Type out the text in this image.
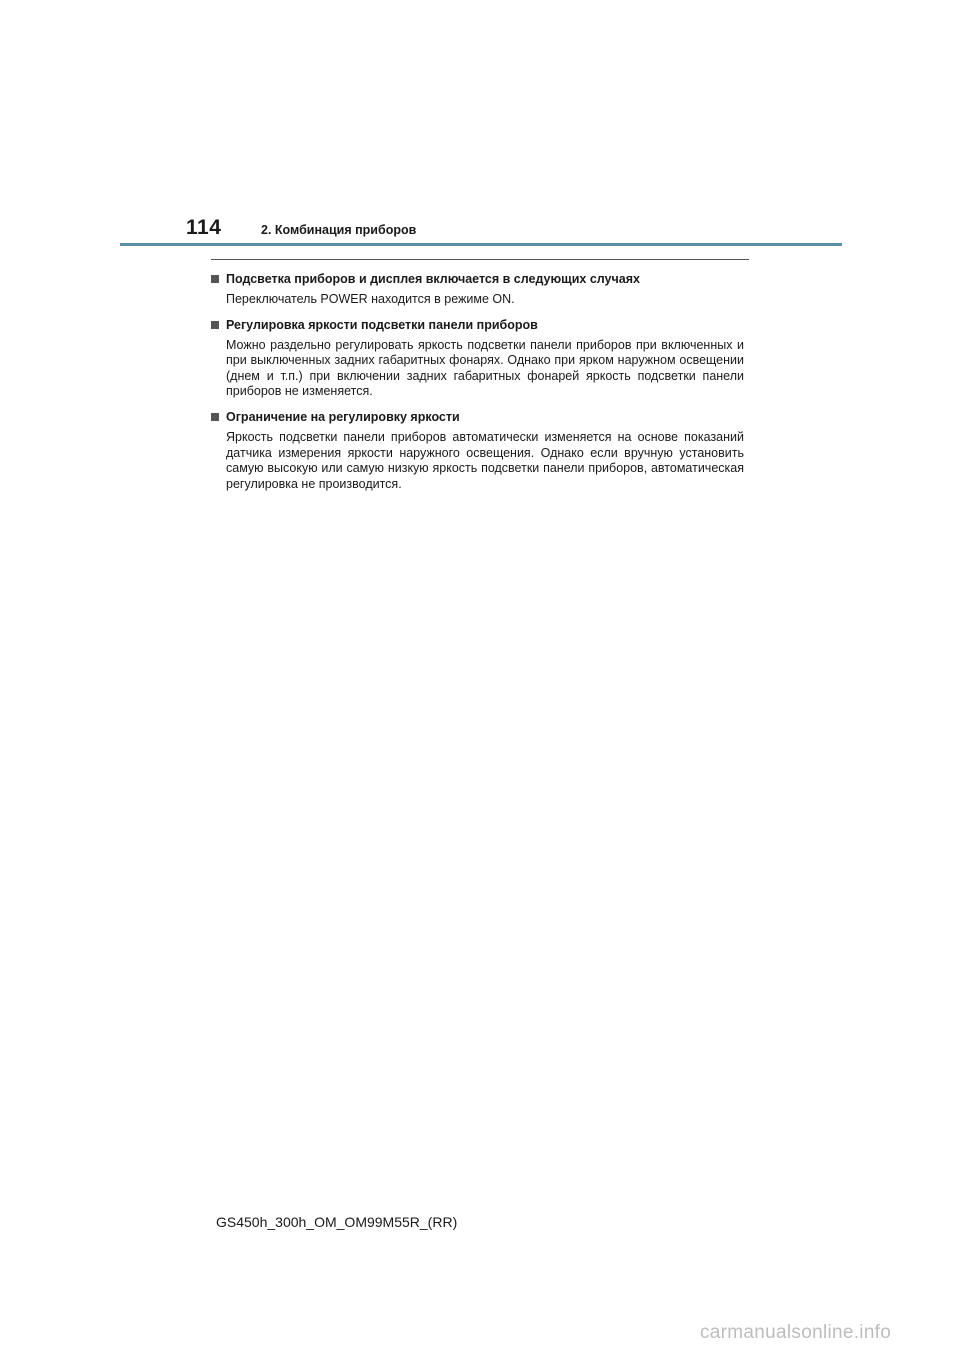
114	2. Комбинация приборов
Подсветка приборов и дисплея включается в следующих случаях
Переключатель POWER находится в режиме ON.
Регулировка яркости подсветки панели приборов
Можно раздельно регулировать яркость подсветки панели приборов при включенных и при выключенных задних габаритных фонарях. Однако при ярком наружном освещении (днем и т.п.) при включении задних габаритных фонарей яркость подсветки панели приборов не изменяется.
Ограничение на регулировку яркости
Яркость подсветки панели приборов автоматически изменяется на основе показаний датчика измерения яркости наружного освещения. Однако если вручную установить самую высокую или самую низкую яркость подсветки панели приборов, автоматическая регулировка не производится.
GS450h_300h_OM_OM99M55R_(RR)
carmanualsonline.info
